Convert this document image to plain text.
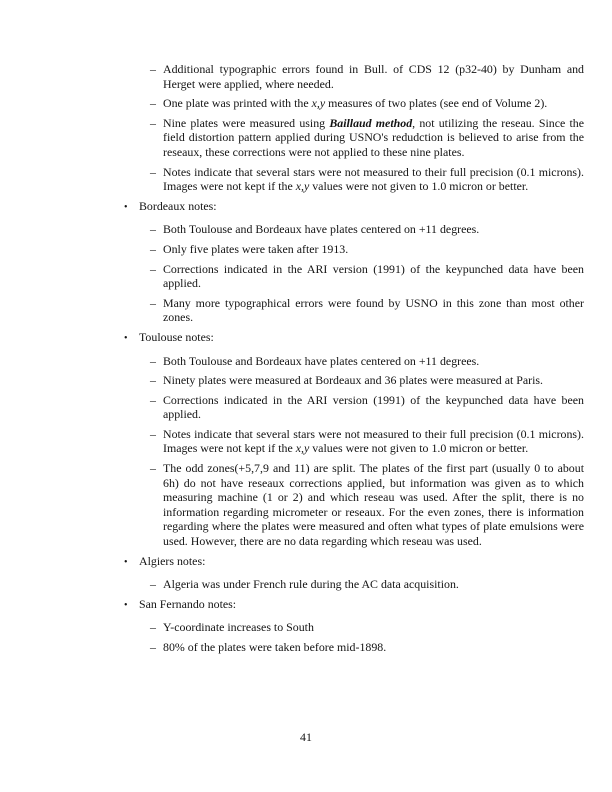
– Additional typographic errors found in Bull. of CDS 12 (p32-40) by Dunham and Herget were applied, where needed.
– One plate was printed with the x,y measures of two plates (see end of Volume 2).
– Nine plates were measured using Baillaud method, not utilizing the reseau. Since the field distortion pattern applied during USNO's redudction is believed to arise from the reseaux, these corrections were not applied to these nine plates.
– Notes indicate that several stars were not measured to their full precision (0.1 microns). Images were not kept if the x,y values were not given to 1.0 micron or better.
• Bordeaux notes:
– Both Toulouse and Bordeaux have plates centered on +11 degrees.
– Only five plates were taken after 1913.
– Corrections indicated in the ARI version (1991) of the keypunched data have been applied.
– Many more typographical errors were found by USNO in this zone than most other zones.
• Toulouse notes:
– Both Toulouse and Bordeaux have plates centered on +11 degrees.
– Ninety plates were measured at Bordeaux and 36 plates were measured at Paris.
– Corrections indicated in the ARI version (1991) of the keypunched data have been applied.
– Notes indicate that several stars were not measured to their full precision (0.1 microns). Images were not kept if the x,y values were not given to 1.0 micron or better.
– The odd zones(+5,7,9 and 11) are split. The plates of the first part (usually 0 to about 6h) do not have reseaux corrections applied, but information was given as to which measuring machine (1 or 2) and which reseau was used. After the split, there is no information regarding micrometer or reseaux. For the even zones, there is information regarding where the plates were measured and often what types of plate emulsions were used. However, there are no data regarding which reseau was used.
• Algiers notes:
– Algeria was under French rule during the AC data acquisition.
• San Fernando notes:
– Y-coordinate increases to South
– 80% of the plates were taken before mid-1898.
41
